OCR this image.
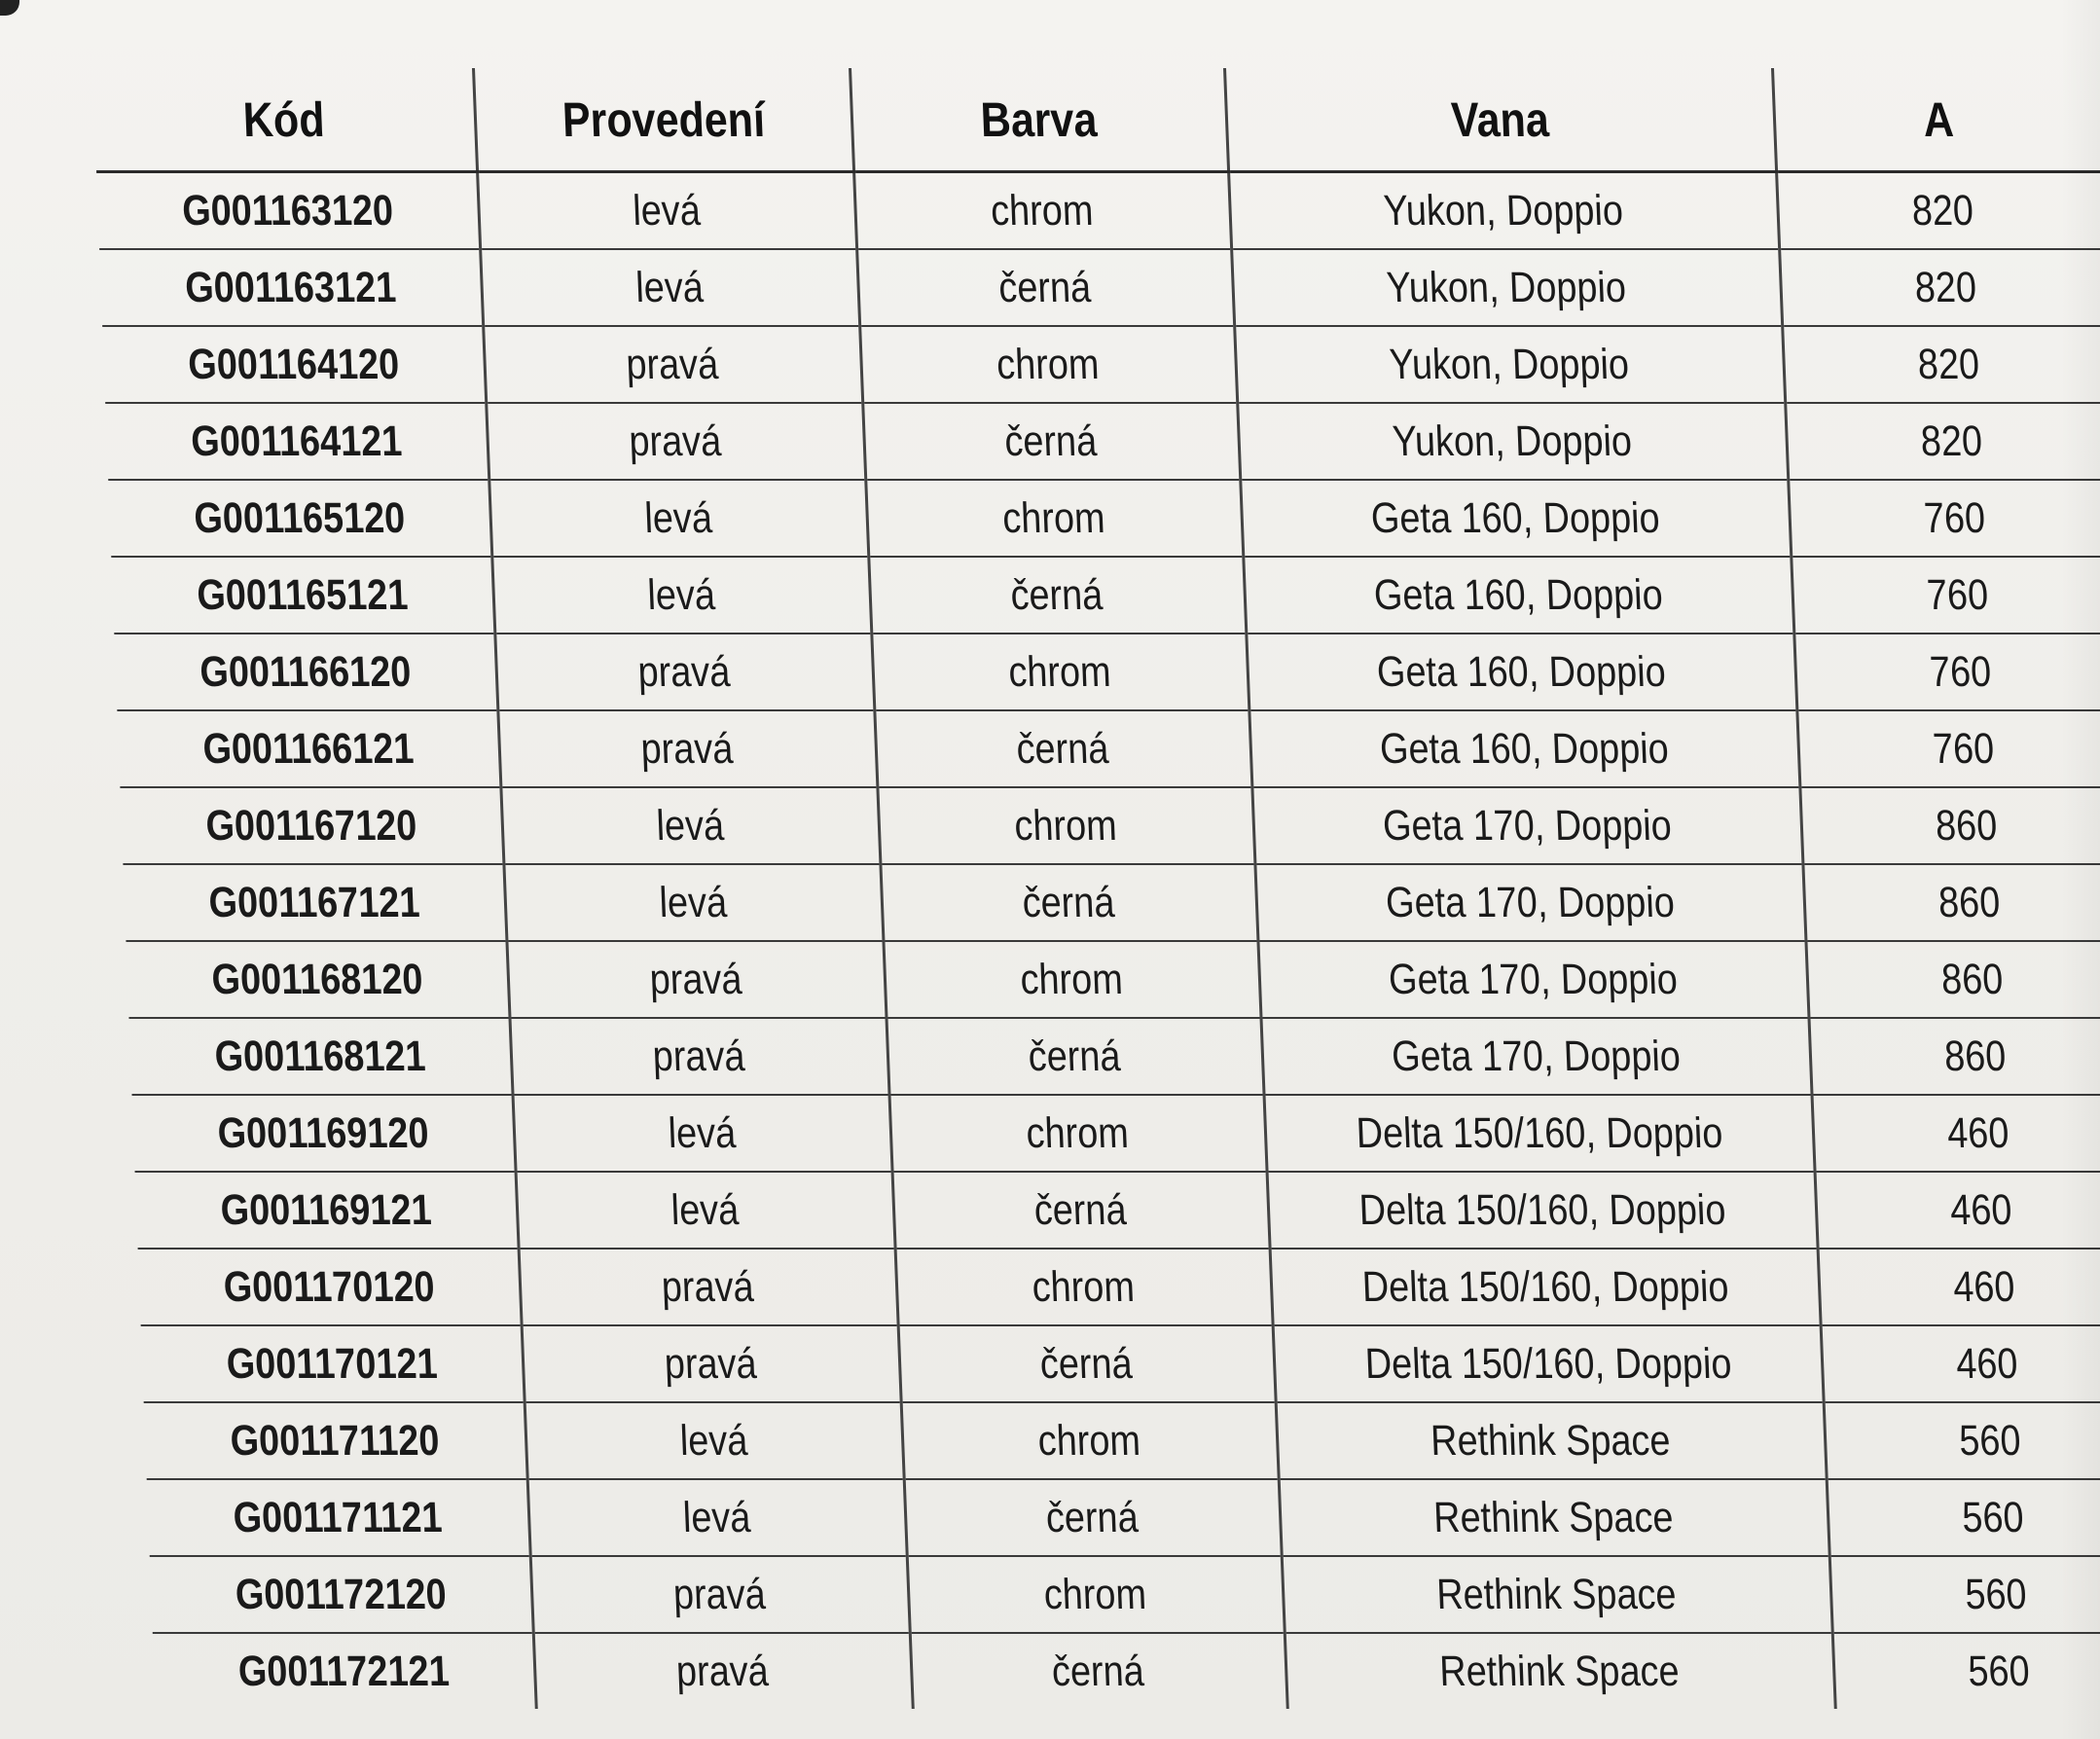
Kód	Provedení	Barva	Vana	A
G001163120	levá	chrom	Yukon, Doppio	820
G001163121	levá	černá	Yukon, Doppio	820
G001164120	pravá	chrom	Yukon, Doppio	820
G001164121	pravá	černá	Yukon, Doppio	820
G001165120	levá	chrom	Geta 160, Doppio	760
G001165121	levá	černá	Geta 160, Doppio	760
G001166120	pravá	chrom	Geta 160, Doppio	760
G001166121	pravá	černá	Geta 160, Doppio	760
G001167120	levá	chrom	Geta 170, Doppio	860
G001167121	levá	černá	Geta 170, Doppio	860
G001168120	pravá	chrom	Geta 170, Doppio	860
G001168121	pravá	černá	Geta 170, Doppio	860
G001169120	levá	chrom	Delta 150/160, Doppio	460
G001169121	levá	černá	Delta 150/160, Doppio	460
G001170120	pravá	chrom	Delta 150/160, Doppio	460
G001170121	pravá	černá	Delta 150/160, Doppio	460
G001171120	levá	chrom	Rethink Space	560
G001171121	levá	černá	Rethink Space	560
G001172120	pravá	chrom	Rethink Space	560
G001172121	pravá	černá	Rethink Space	560
